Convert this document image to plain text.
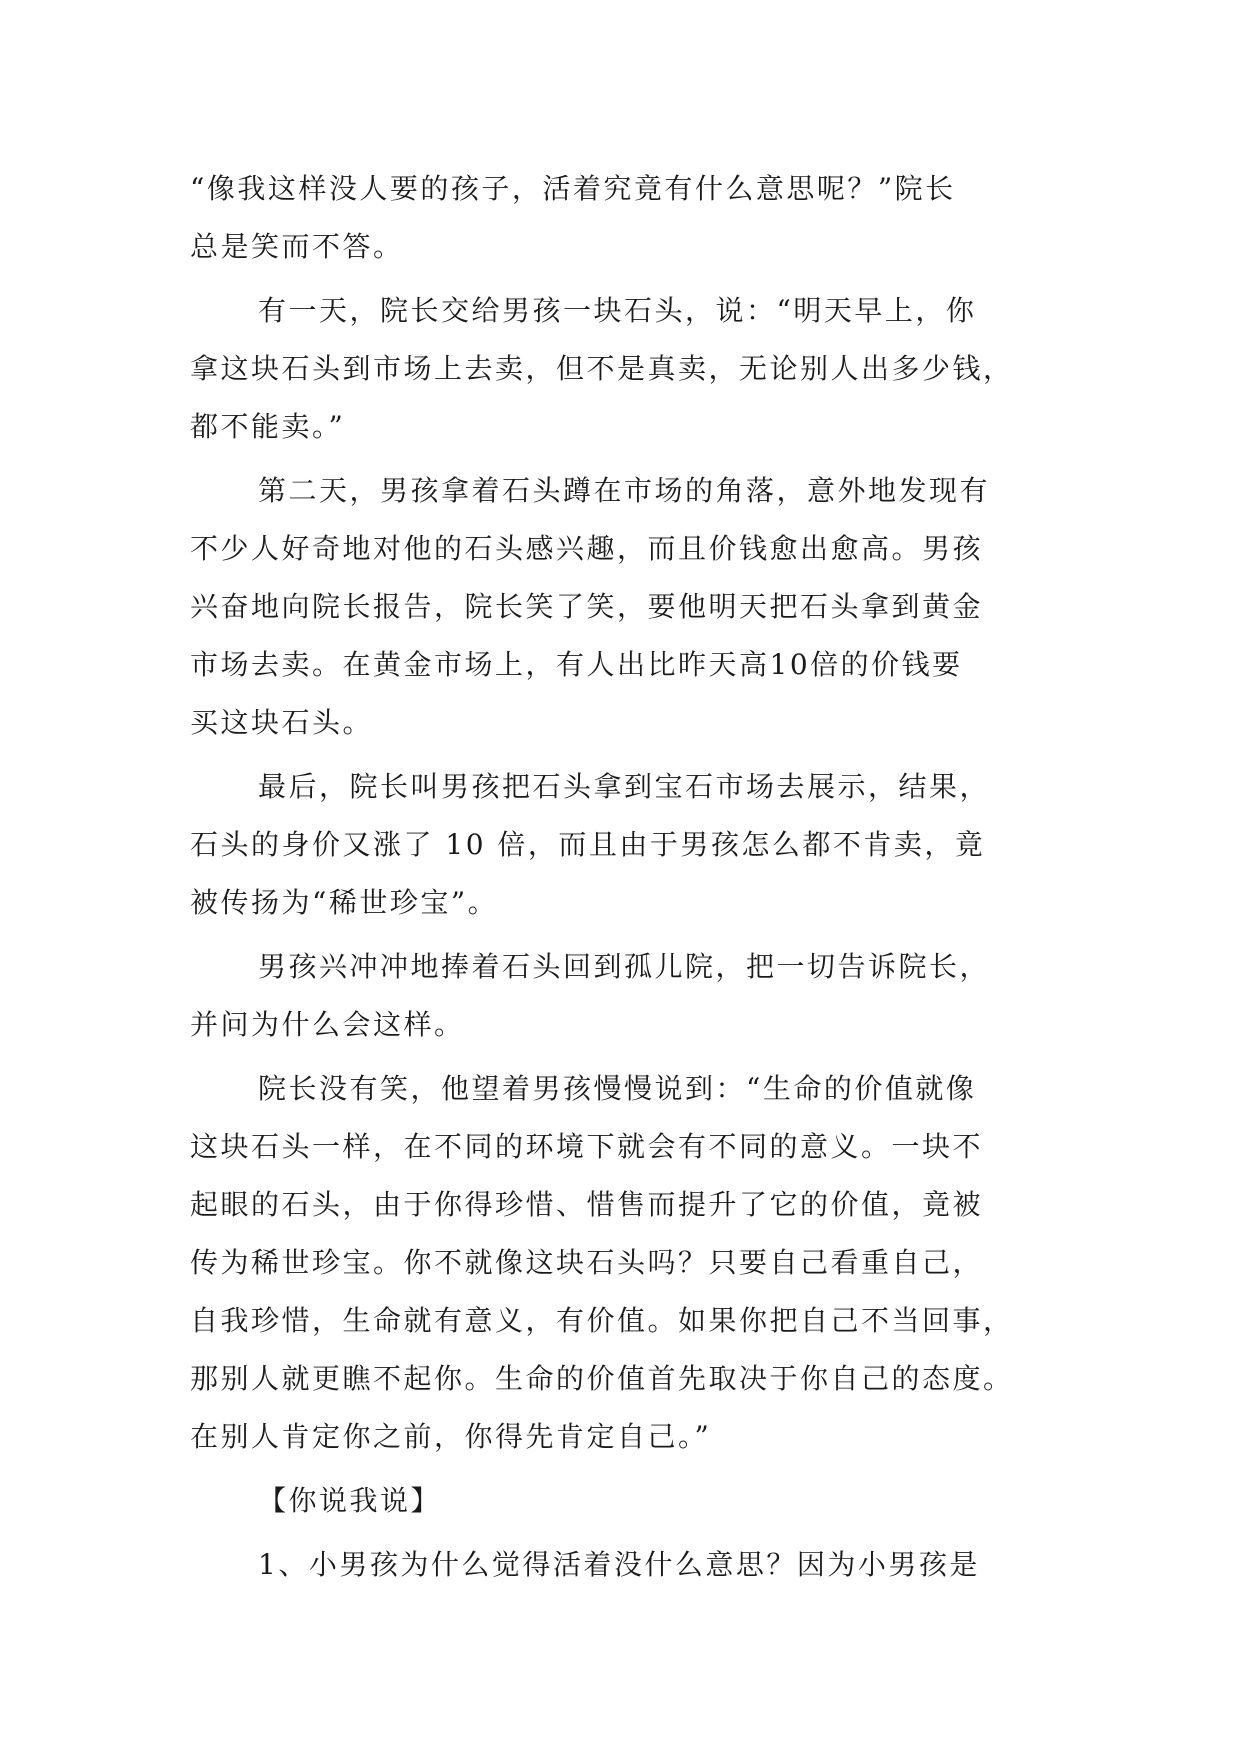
“像我这样没人要的孩子，活着究竟有什么意思呢？”院长
总是笑而不答。
有一天，院长交给男孩一块石头，说：“明天早上，你
拿这块石头到市场上去卖，但不是真卖，无论别人出多少钱，
都不能卖。”
第二天，男孩拿着石头蹲在市场的角落，意外地发现有
不少人好奇地对他的石头感兴趣，而且价钱愈出愈高。男孩
兴奋地向院长报告，院长笑了笑，要他明天把石头拿到黄金
市场去卖。在黄金市场上，有人出比昨天高10倍的价钱要
买这块石头。
最后，院长叫男孩把石头拿到宝石市场去展示，结果，
石头的身价又涨了 10 倍，而且由于男孩怎么都不肯卖，竟
被传扬为“稀世珍宝”。
男孩兴冲冲地捧着石头回到孤儿院，把一切告诉院长，
并问为什么会这样。
院长没有笑，他望着男孩慢慢说到：“生命的价值就像
这块石头一样，在不同的环境下就会有不同的意义。一块不
起眼的石头，由于你得珍惜、惜售而提升了它的价值，竟被
传为稀世珍宝。你不就像这块石头吗？只要自己看重自己，
自我珍惜，生命就有意义，有价值。如果你把自己不当回事，
那别人就更瞧不起你。生命的价值首先取决于你自己的态度。
在别人肯定你之前，你得先肯定自己。”
【你说我说】
1、小男孩为什么觉得活着没什么意思？因为小男孩是
